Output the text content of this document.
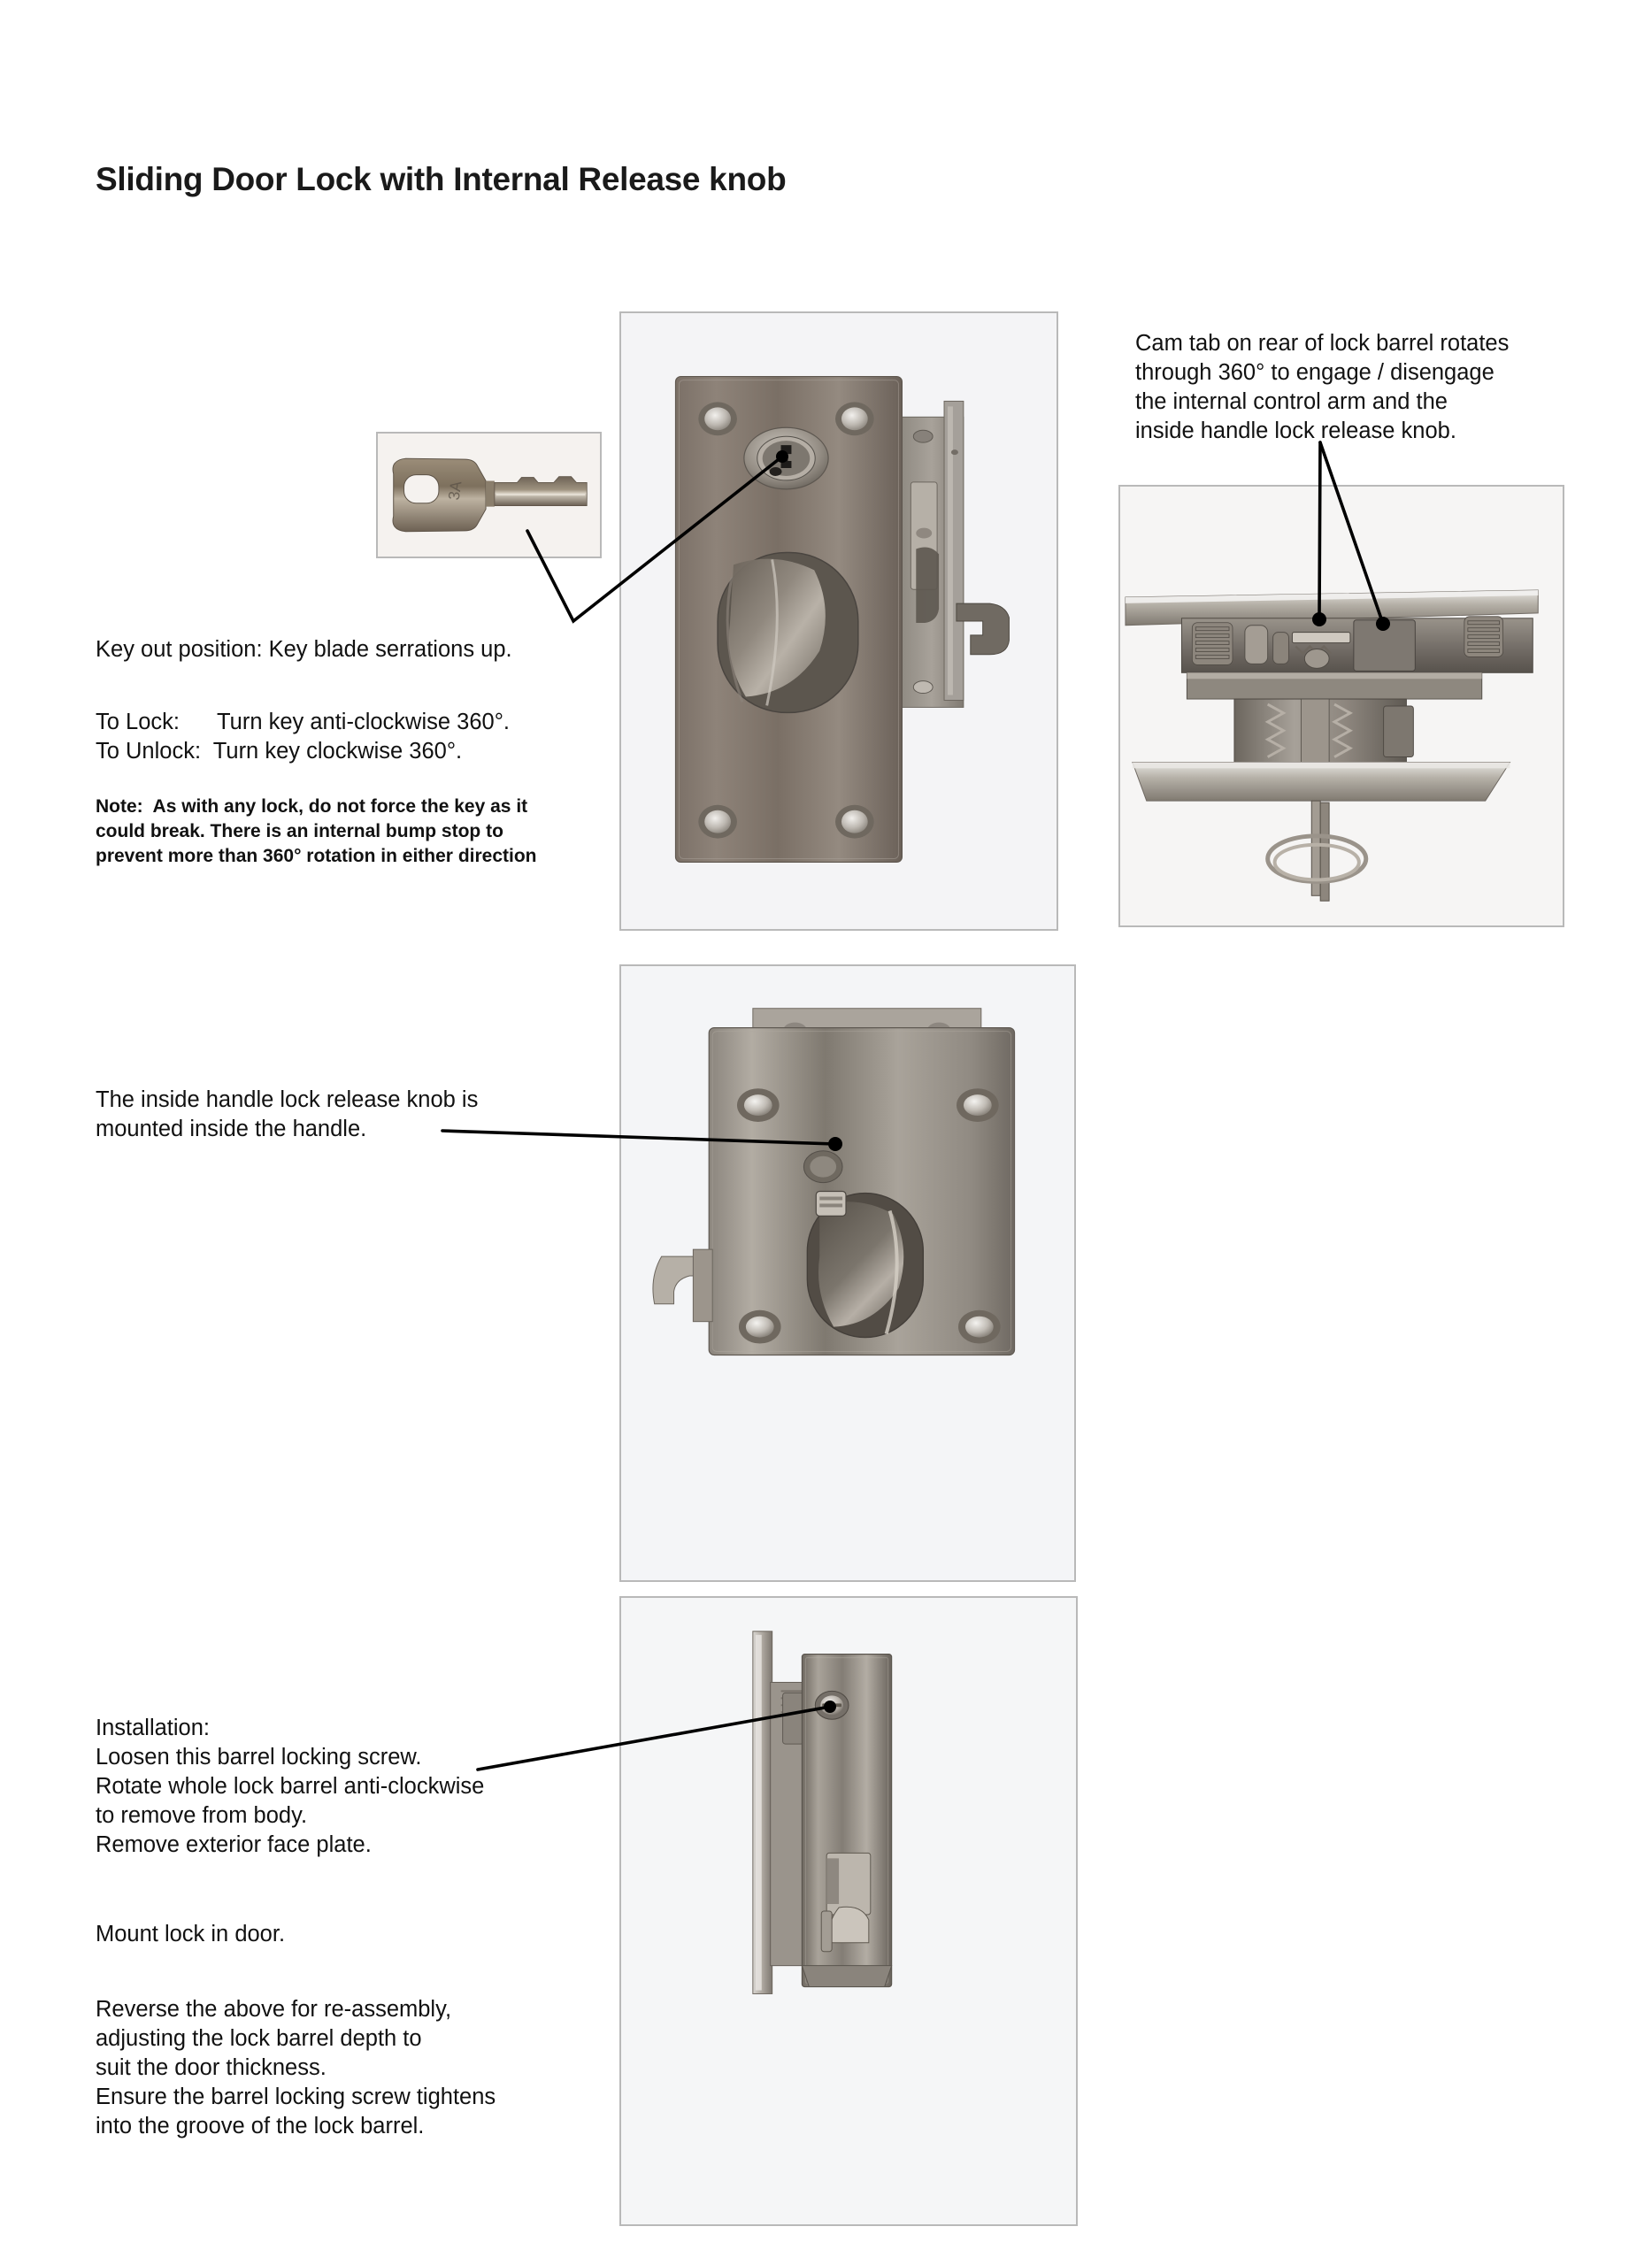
Sliding Door Lock with Internal Release knob
3A
Key out position: Key blade serrations up.
To Lock:      Turn key anti-clockwise 360°.
To Unlock:  Turn key clockwise 360°.
Note:  As with any lock, do not force the key as it
could break. There is an internal bump stop to
prevent more than 360° rotation in either direction
Cam tab on rear of lock barrel rotates
through 360° to engage / disengage
the internal control arm and the
inside handle lock release knob.
The inside handle lock release knob is
mounted inside the handle.
Installation:
Loosen this barrel locking screw.
Rotate whole lock barrel anti-clockwise
to remove from body.
Remove exterior face plate.
Mount lock in door.
Reverse the above for re-assembly,
adjusting the lock barrel depth to
suit the door thickness.
Ensure the barrel locking screw tightens
into the groove of the lock barrel.
